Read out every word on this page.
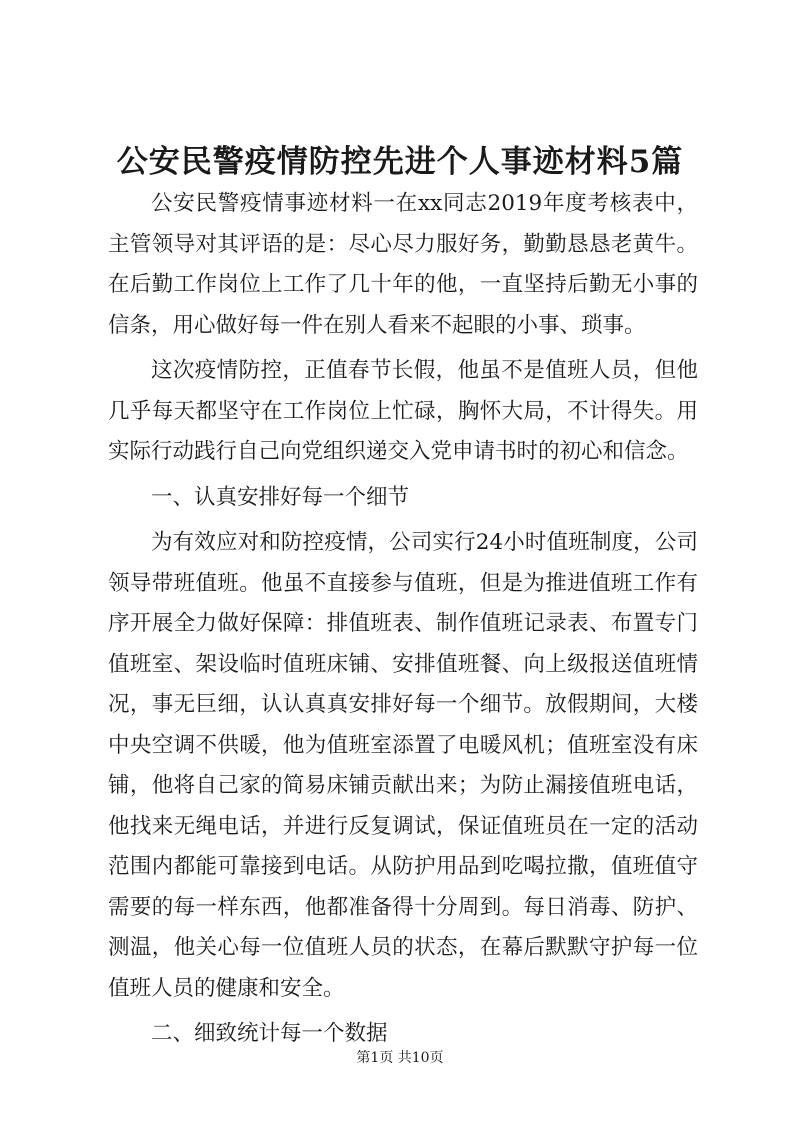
公安民警疫情防控先进个人事迹材料5篇

公安民警疫情事迹材料一在xx同志2019年度考核表中，主管领导对其评语的是：尽心尽力服好务，勤勤恳恳老黄牛。在后勤工作岗位上工作了几十年的他，一直坚持后勤无小事的信条，用心做好每一件在别人看来不起眼的小事、琐事。

这次疫情防控，正值春节长假，他虽不是值班人员，但他几乎每天都坚守在工作岗位上忙碌，胸怀大局，不计得失。用实际行动践行自己向党组织递交入党申请书时的初心和信念。

一、认真安排好每一个细节

为有效应对和防控疫情，公司实行24小时值班制度，公司领导带班值班。他虽不直接参与值班，但是为推进值班工作有序开展全力做好保障：排值班表、制作值班记录表、布置专门值班室、架设临时值班床铺、安排值班餐、向上级报送值班情况，事无巨细，认认真真安排好每一个细节。放假期间，大楼中央空调不供暖，他为值班室添置了电暖风机；值班室没有床铺，他将自己家的简易床铺贡献出来；为防止漏接值班电话，他找来无绳电话，并进行反复调试，保证值班员在一定的活动范围内都能可靠接到电话。从防护用品到吃喝拉撒，值班值守需要的每一样东西，他都准备得十分周到。每日消毒、防护、测温，他关心每一位值班人员的状态，在幕后默默守护每一位值班人员的健康和安全。

二、细致统计每一个数据

第1页 共10页
